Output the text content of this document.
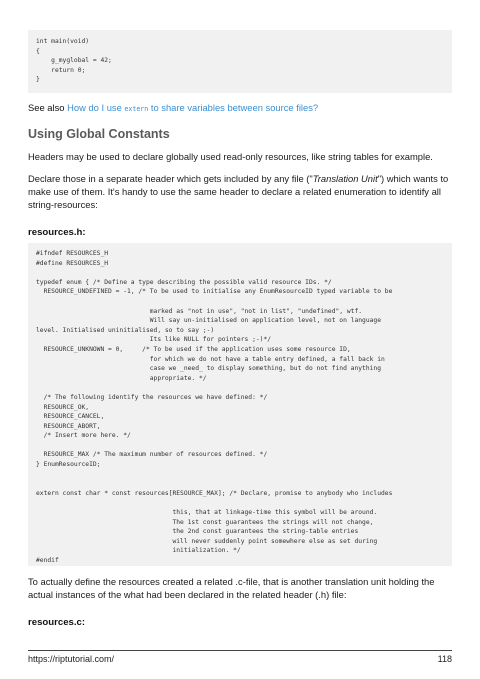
int main(void)
{
g_myglobal = 42;
return 0;
}
See also How do I use extern to share variables between source files?
Using Global Constants
Headers may be used to declare globally used read-only resources, like string tables for example.
Declare those in a separate header which gets included by any file ("Translation Unit") which wants to make use of them. It's handy to use the same header to declare a related enumeration to identify all string-resources:
resources.h:
#ifndef RESOURCES_H
#define RESOURCES_H

typedef enum { /* Define a type describing the possible valid resource IDs. */
RESOURCE_UNDEFINED = -1, /* To be used to initialise any EnumResourceID typed variable to be

marked as "not in use", "not in list", "undefined", wtf.
Will say un-initialised on application level, not on language
level. Initialised uninitialised, so to say ;-)
Its like NULL for pointers ;-)*/
RESOURCE_UNKNOWN = 0,     /* To be used if the application uses some resource ID,
for which we do not have a table entry defined, a fall back in
case we _need_ to display something, but do not find anything
appropriate. */

/* The following identify the resources we have defined: */
RESOURCE_OK,
RESOURCE_CANCEL,
RESOURCE_ABORT,
/* Insert more here. */

RESOURCE_MAX /* The maximum number of resources defined. */
} EnumResourceID;

extern const char * const resources[RESOURCE_MAX]; /* Declare, promise to anybody who includes

this, that at linkage-time this symbol will be around.
The 1st const guarantees the strings will not change,
the 2nd const guarantees the string-table entries
will never suddenly point somewhere else as set during
initialization. */
#endif
To actually define the resources created a related .c-file, that is another translation unit holding the actual instances of the what had been declared in the related header (.h) file:
resources.c:
https://riptutorial.com/	118
